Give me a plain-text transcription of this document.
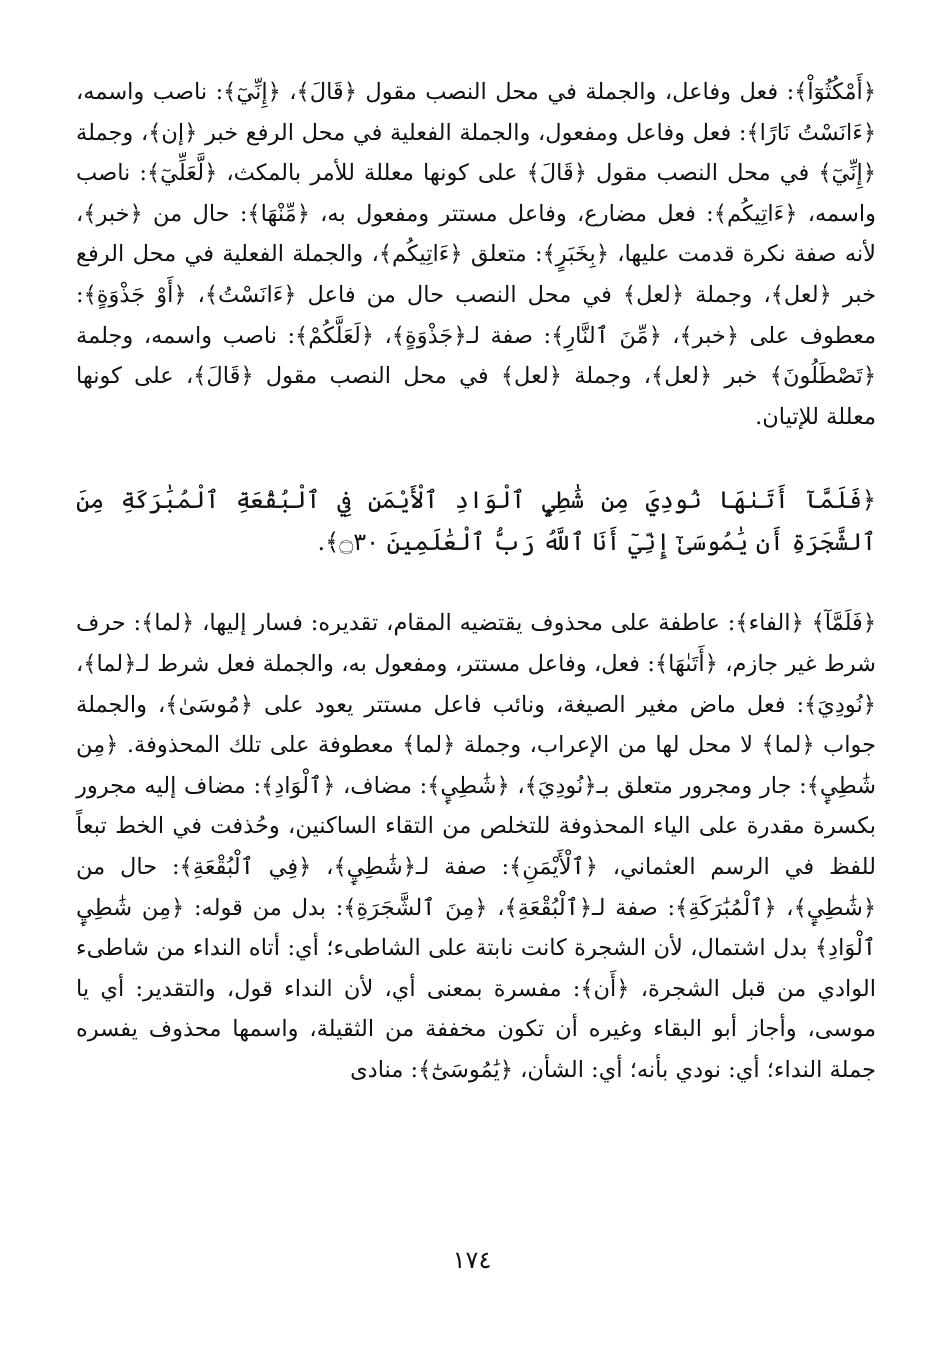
﴿أَمْكُثُوٓاْ﴾: فعل وفاعل، والجملة في محل النصب مقول ﴿قَالَ﴾، ﴿إِنِّيٓ﴾: ناصب واسمه، ﴿ءَانَسْتُ نَارًا﴾: فعل وفاعل ومفعول، والجملة الفعلية في محل الرفع خبر ﴿إن﴾، وجملة ﴿إِنِّيٓ﴾ في محل النصب مقول ﴿قَالَ﴾ على كونها معللة للأمر بالمكث، ﴿لَّعَلِّيٓ﴾: ناصب واسمه، ﴿ءَاتِيكُم﴾: فعل مضارع، وفاعل مستتر ومفعول به، ﴿مِّنْهَا﴾: حال من ﴿خبر﴾، لأنه صفة نكرة قدمت عليها، ﴿بِخَبَرٍ﴾: متعلق ﴿ءَاتِيكُم﴾، والجملة الفعلية في محل الرفع خبر ﴿لعل﴾، وجملة ﴿لعل﴾ في محل النصب حال من فاعل ﴿ءَانَسْتُ﴾، ﴿أَوْ جَذْوَةٍ﴾: معطوف على ﴿خبر﴾، ﴿مِّنَ ٱلنَّارِ﴾: صفة لـ﴿جَذْوَةٍ﴾، ﴿لَعَلَّكُمْ﴾: ناصب واسمه، وجلمة ﴿تَصْطَلُونَ﴾ خبر ﴿لعل﴾، وجملة ﴿لعل﴾ في محل النصب مقول ﴿قَالَ﴾، على كونها معللة للإتيان.

﴿فَلَمَّآ أَتَىٰهَا نُودِيَ مِن شَٰطِيِٕ ٱلْوَادِ ٱلْأَيْمَنِ فِي ٱلْبُقْعَةِ ٱلْمُبَٰرَكَةِ مِنَ ٱلشَّجَرَةِ أَن يَٰمُوسَىٰٓ إِنِّيٓ أَنَا ٱللَّهُ رَبُّ ٱلْعَٰلَمِينَ ۝٣٠﴾.

﴿فَلَمَّآ﴾ ﴿الفاء﴾: عاطفة على محذوف يقتضيه المقام، تقديره: فسار إليها، ﴿لما﴾: حرف شرط غير جازم، ﴿أَتَىٰهَا﴾: فعل، وفاعل مستتر، ومفعول به، والجملة فعل شرط لـ﴿لما﴾، ﴿نُودِيَ﴾: فعل ماض مغير الصيغة، ونائب فاعل مستتر يعود على ﴿مُوسَىٰ﴾، والجملة جواب ﴿لما﴾ لا محل لها من الإعراب، وجملة ﴿لما﴾ معطوفة على تلك المحذوفة. ﴿مِن شَٰطِيِٕ﴾: جار ومجرور متعلق بـ﴿نُودِيَ﴾، ﴿شَٰطِيِٕ﴾: مضاف، ﴿ٱلْوَادِ﴾: مضاف إليه مجرور بكسرة مقدرة على الياء المحذوفة للتخلص من التقاء الساكنين، وحُذفت في الخط تبعاً للفظ في الرسم العثماني، ﴿ٱلْأَيْمَنِ﴾: صفة لـ﴿شَٰطِيِٕ﴾، ﴿فِي ٱلْبُقْعَةِ﴾: حال من ﴿شَٰطِيِٕ﴾، ﴿ٱلْمُبَٰرَكَةِ﴾: صفة لـ﴿ٱلْبُقْعَةِ﴾، ﴿مِنَ ٱلشَّجَرَةِ﴾: بدل من قوله: ﴿مِن شَٰطِيِٕ ٱلْوَادِ﴾ بدل اشتمال، لأن الشجرة كانت نابتة على الشاطىء؛ أي: أتاه النداء من شاطىء الوادي من قبل الشجرة، ﴿أَن﴾: مفسرة بمعنى أي، لأن النداء قول، والتقدير: أي يا موسى، وأجاز أبو البقاء وغيره أن تكون مخففة من الثقيلة، واسمها محذوف يفسره جملة النداء؛ أي: نودي بأنه؛ أي: الشأن، ﴿يَٰمُوسَىٰٓ﴾: منادى

١٧٤
